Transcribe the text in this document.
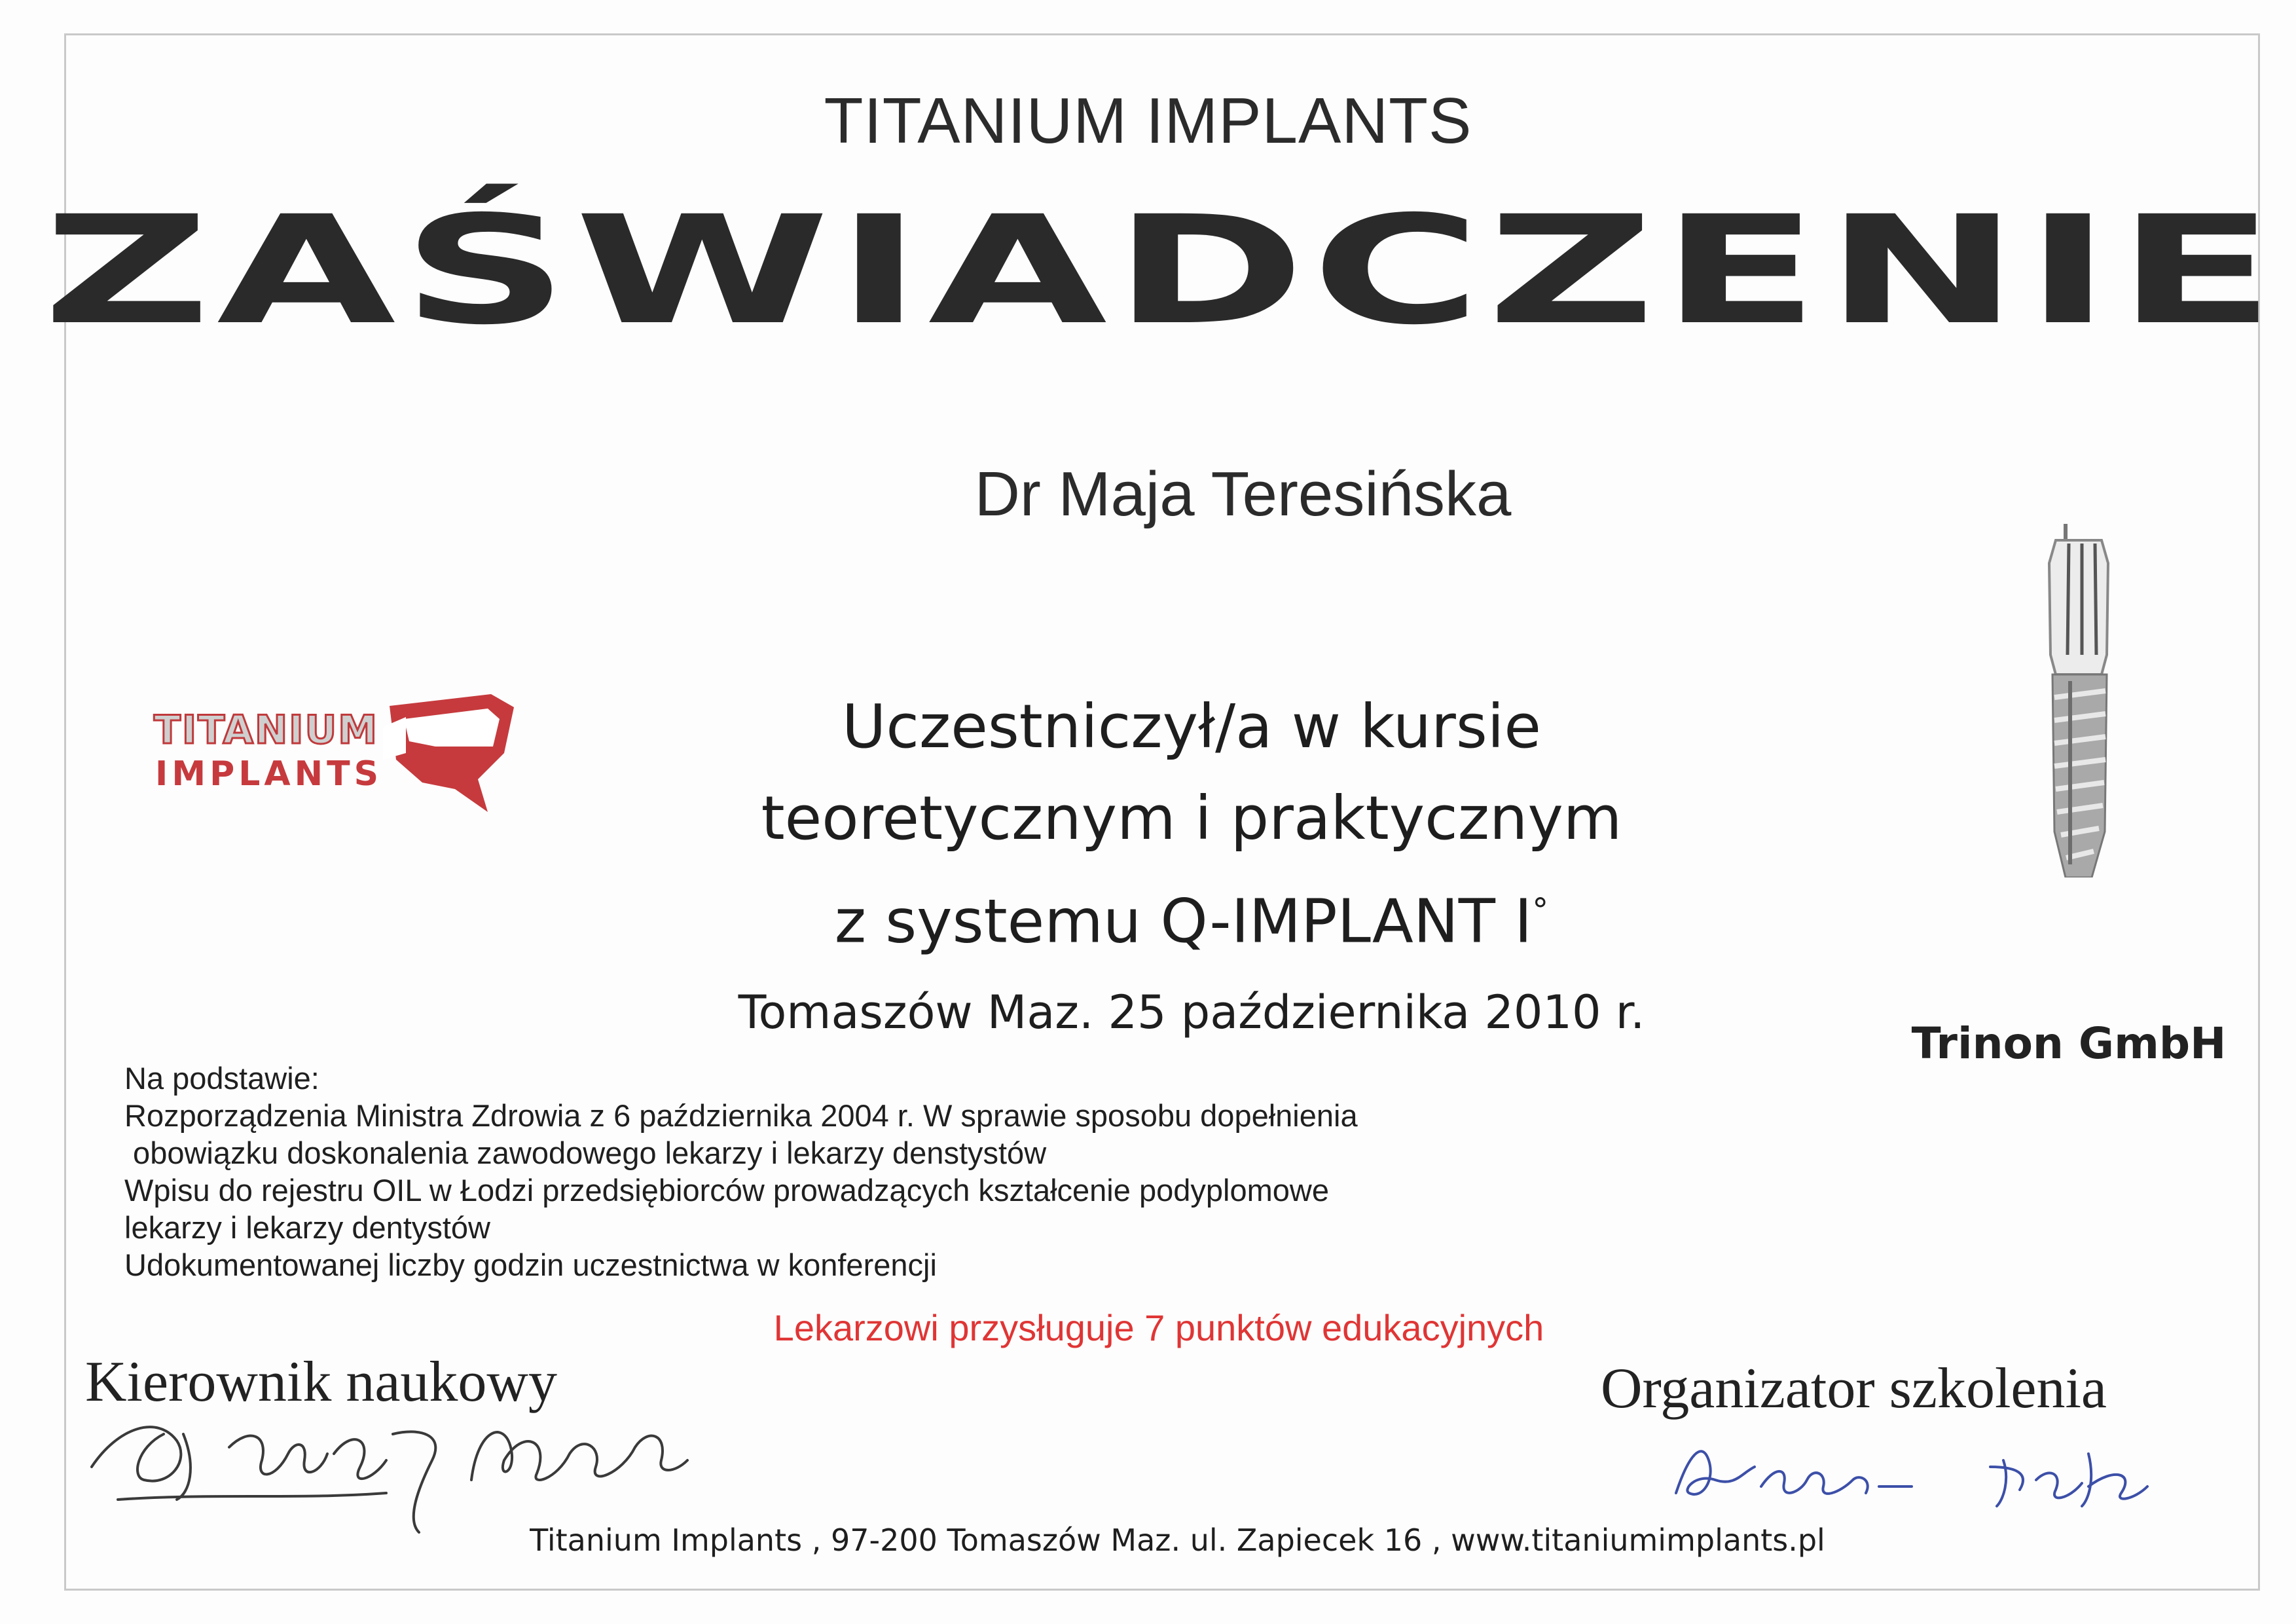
TITANIUM IMPLANTS
ZAŚWIADCZENIE
Dr Maja Teresińska
TITANIUM
IMPLANTS
Uczestniczył/a w kursie
teoretycznym i praktycznym
z systemu Q-IMPLANT I°
Tomaszów Maz. 25 października 2010 r.
Trinon GmbH
Na podstawie:
Rozporządzenia Ministra Zdrowia z 6 października 2004 r. W sprawie sposobu dopełnienia
obowiązku doskonalenia zawodowego lekarzy i lekarzy denstystów
Wpisu do rejestru OIL w Łodzi przedsiębiorców prowadzących kształcenie podyplomowe
lekarzy i lekarzy dentystów
Udokumentowanej liczby godzin uczestnictwa w konferencji
Lekarzowi przysługuje 7 punktów edukacyjnych
Kierownik naukowy	Organizator szkolenia
Titanium Implants , 97-200 Tomaszów Maz. ul. Zapiecek 16 , www.titaniumimplants.pl
